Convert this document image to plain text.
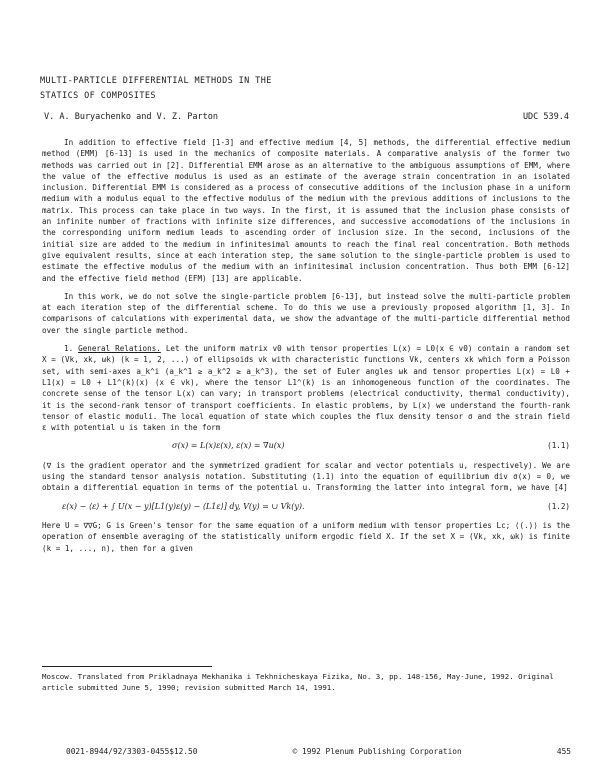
MULTI-PARTICLE DIFFERENTIAL METHODS IN THE
STATICS OF COMPOSITES
V. A. Buryachenko and V. Z. Parton	UDC 539.4

In addition to effective field [1-3] and effective medium [4, 5] methods, the differential effective medium method (EMM) [6-13] is used in the mechanics of composite materials. A comparative analysis of the former two methods was carried out in [2]. Differential EMM arose as an alternative to the ambiguous assumptions of EMM, where the value of the effective modulus is used as an estimate of the average strain concentration in an isolated inclusion. Differential EMM is considered as a process of consecutive additions of the inclusion phase in a uniform medium with a modulus equal to the effective modulus of the medium with the previous additions of inclusions to the matrix. This process can take place in two ways. In the first, it is assumed that the inclusion phase consists of an infinite number of fractions with infinite size differences, and successive accomodations of the inclusions in the corresponding uniform medium leads to ascending order of inclusion size. In the second, inclusions of the initial size are added to the medium in infinitesimal amounts to reach the final real concentration. Both methods give equivalent results, since at each interation step, the same solution to the single-particle problem is used to estimate the effective modulus of the medium with an infinitesimal inclusion concentration. Thus both EMM [6-12] and the effective field method (EFM) [13] are applicable.

In this work, we do not solve the single-particle problem [6-13], but instead solve the multi-particle problem at each iteration step of the differential scheme. To do this we use a previously proposed algorithm [1, 3]. In comparisons of calculations with experimental data, we show the advantage of the multi-particle differential method over the single particle method.

1. General Relations. Let the uniform matrix v0 with tensor properties L(x) = L0(x ∈ v0) contain a random set X = (Vk, xk, ωk) (k = 1, 2, ...) of ellipsoids vk with characteristic functions Vk, centers xk which form a Poisson set, with semi-axes a_k^i (a_k^1 ≥ a_k^2 ≥ a_k^3), the set of Euler angles ωk and tensor properties L(x) = L0 + L1(x) = L0 + L1^(k)(x) (x ∈ vk), where the tensor L1^(k) is an inhomogeneous function of the coordinates. The concrete sense of the tensor L(x) can vary; in transport problems (electrical conductivity, thermal conductivity), it is the second-rank tensor of transport coefficients. In elastic problems, by L(x) we understand the fourth-rank tensor of elastic moduli. The local equation of state which couples the flux density tensor σ and the strain field ε with potential u is taken in the form

σ(x) = L(x)ε(x), ε(x) = ∇u(x)	(1.1)

(∇ is the gradient operator and the symmetrized gradient for scalar and vector potentials u, respectively). We are using the standard tensor analysis notation. Substituting (1.1) into the equation of equilibrium div σ(x) = 0, we obtain a differential equation in terms of the potential u. Transforming the latter into integral form, we have [4]

ε(x) − ⟨ε⟩ + ∫ U(x − y)[L1(y)ε(y) − ⟨L1ε⟩] dy, V(y) = ∪ Vk(y).	(1.2)

Here U = ∇∇G; G is Green's tensor for the same equation of a uniform medium with tensor properties Lc; ⟨(.)⟩ is the operation of ensemble averaging of the statistically uniform ergodic field X. If the set X = (Vk, xk, ωk) is finite (k = 1, ..., n), then for a given

Moscow. Translated from Prikladnaya Mekhanika i Tekhnicheskaya Fizika, No. 3, pp. 148-156, May-June, 1992. Original article submitted June 5, 1990; revision submitted March 14, 1991.
0021-8944/92/3303-0455$12.50	© 1992 Plenum Publishing Corporation	455
